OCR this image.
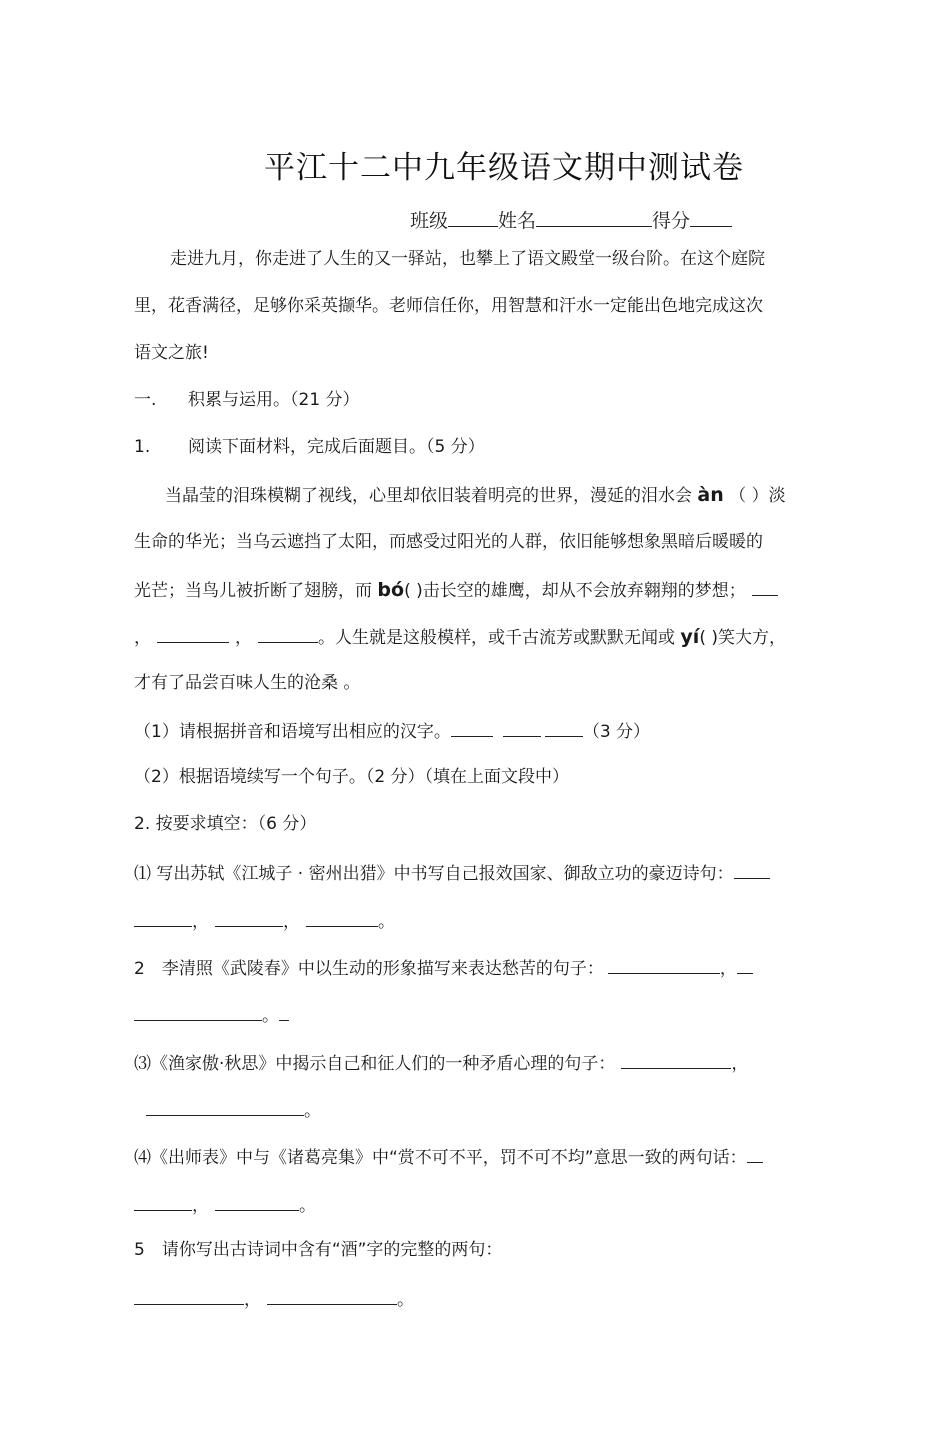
平江十二中九年级语文期中测试卷
班级	姓名	得分
走进九月，你走进了人生的又一驿站，也攀上了语文殿堂一级台阶。在这个庭院
里，花香满径，足够你采英撷华。老师信任你，用智慧和汗水一定能出色地完成这次
语文之旅!
一. 积累与运用。（21 分）
1. 阅读下面材料，完成后面题目。（5 分）
当晶莹的泪珠模糊了视线，心里却依旧装着明亮的世界，漫延的泪水会 àn （ ）淡
生命的华光；当乌云遮挡了太阳，而感受过阳光的人群，依旧能够想象黑暗后暖暖的
光芒；当鸟儿被折断了翅膀，而 bó( )击长空的雄鹰，却从不会放弃翱翔的梦想；
，	，	。人生就是这般模样，或千古流芳或默默无闻或 yí( )笑大方，
才有了品尝百味人生的沧桑 。
（1）请根据拼音和语境写出相应的汉字。	（3 分）
（2）根据语境续写一个句子。（2 分）（填在上面文段中）
2. 按要求填空：（6 分）
⑴ 写出苏轼《江城子 · 密州出猎》中书写自己报效国家、御敌立功的豪迈诗句：
，	，	。
2　李清照《武陵春》中以生动的形象描写来表达愁苦的句子：	，
。
⑶《渔家傲·秋思》中揭示自己和征人们的一种矛盾心理的句子：	，
。
⑷《出师表》中与《诸葛亮集》中“赏不可不平，罚不可不均”意思一致的两句话：
，	。
5　请你写出古诗词中含有“酒”字的完整的两句：
，	。
